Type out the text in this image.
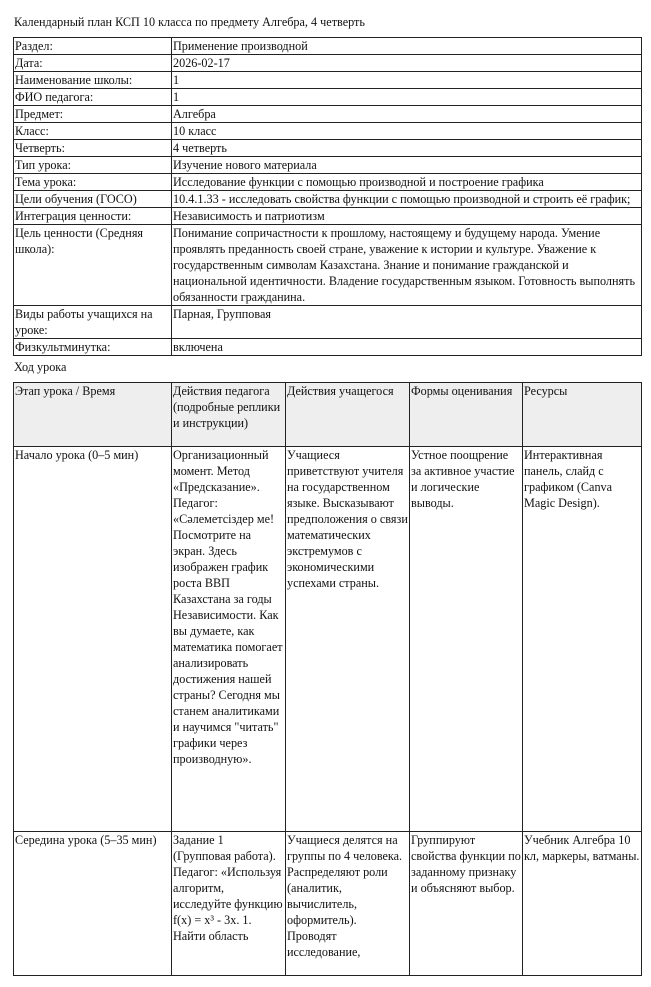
Календарный план КСП 10 класса по предмету Алгебра, 4 четверть
Раздел:	Применение производной
Дата:	2026-02-17
Наименование школы:	1
ФИО педагога:	1
Предмет:	Алгебра
Класс:	10 класс
Четверть:	4 четверть
Тип урока:	Изучение нового материала
Тема урока:	Исследование функции с помощью производной и построение графика
Цели обучения (ГОСО)	10.4.1.33 - исследовать свойства функции с помощью производной и строить её график;
Интеграция ценности:	Независимость и патриотизм
Цель ценности (Средняя школа):	Понимание сопричастности к прошлому, настоящему и будущему народа. Умение проявлять преданность своей стране, уважение к истории и культуре. Уважение к государственным символам Казахстана. Знание и понимание гражданской и национальной идентичности. Владение государственным языком. Готовность выполнять обязанности гражданина.
Виды работы учащихся на уроке:	Парная, Групповая
Физкультминутка:	включена
Ход урока
Этап урока / Время	Действия педагога (подробные реплики и инструкции)	Действия учащегося	Формы оценивания	Ресурсы
Начало урока (0–5 мин)	Организационный момент. Метод «Предсказание». Педагог: «Сәлеметсіздер ме! Посмотрите на экран. Здесь изображен график роста ВВП Казахстана за годы Независимости. Как вы думаете, как математика помогает анализировать достижения нашей страны? Сегодня мы станем аналитиками и научимся "читать" графики через производную».	Учащиеся приветствуют учителя на государственном языке. Высказывают предположения о связи математических экстремумов с экономическими успехами страны.	Устное поощрение за активное участие и логические выводы.	Интерактивная панель, слайд с графиком (Canva Magic Design).
Середина урока (5–35 мин)	Задание 1 (Групповая работа). Педагог: «Используя алгоритм, исследуйте функцию f(x) = x³ - 3x. 1. Найти область	Учащиеся делятся на группы по 4 человека. Распределяют роли (аналитик, вычислитель, оформитель). Проводят исследование,	Группируют свойства функции по заданному признаку и объясняют выбор.	Учебник Алгебра 10 кл, маркеры, ватманы.
